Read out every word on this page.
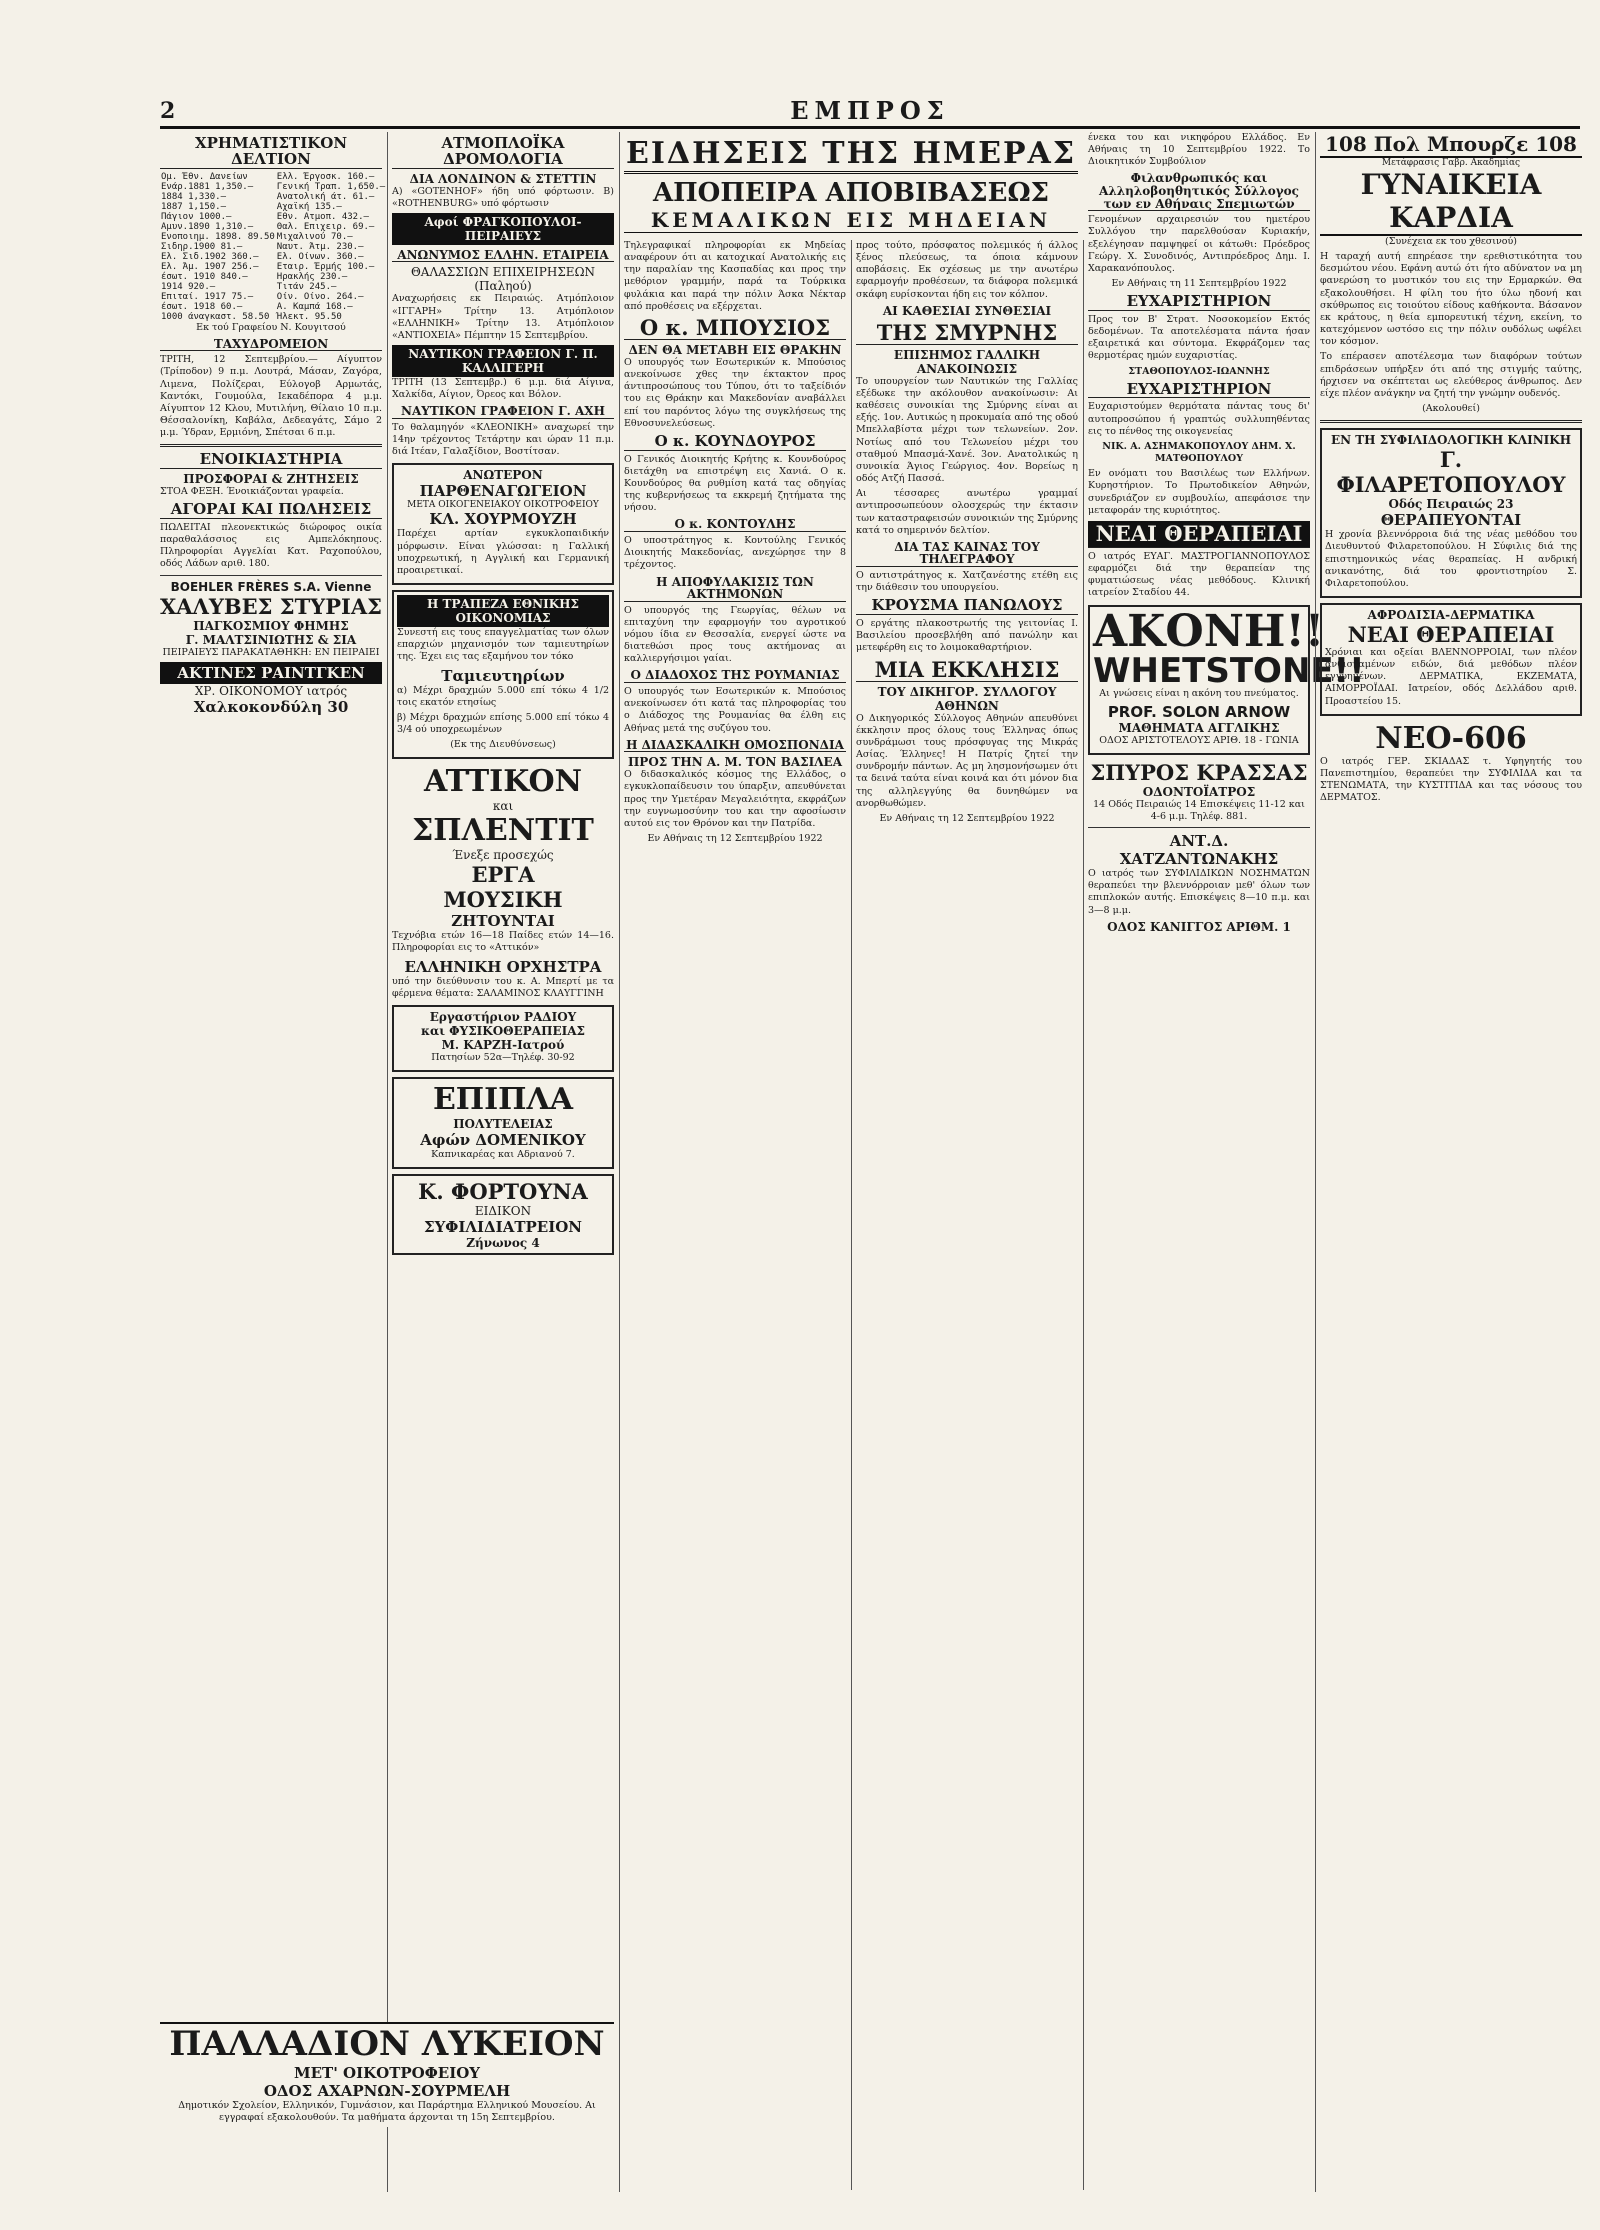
2	ΕΜΠΡΟΣ
ΧΡΗΜΑΤΙΣΤΙΚΟΝ ΔΕΛΤΙΟΝ
Ομ. Έθν. Δανείων	Ελλ. Έργοσκ. 160.—
Ενάρ.1881 1,350.—	Γενική Τραπ. 1,650.—
1884 1,330.—	Ανατολική άτ. 61.—
1887 1,150.—	Αχαϊκή 135.—
Πάγιον 1000.—	Εθν. Ατμοπ. 432.—
Αμυν.1890 1,310.—	Θαλ. Επιχειρ. 69.—
Ενοποιημ. 1898. 89.50	Μιχαλινού 70.—
Σιδηρ.1900 81.—	Ναυτ. Άτμ. 230.—
Ελ. Σιδ.1902 360.—	Ελ. Οίνων. 360.—
Ελ. Άμ. 1907 256.—	Εταιρ. Έρμής 100.—
έσωτ. 1910 840.—	Ηρακλής 230.—
1914 920.—	Τιτάν 245.—
Επιταί. 1917 75.—	Οίν. Οίνο. 264.—
έσωτ. 1918 60.—	Α. Καμπά 168.—
1000 άναγκαστ. 58.50	Ήλεκτ. 95.50
Εκ τού Γραφείου Ν. Κουγιτσού
ΤΑΧΥΔΡΟΜΕΙΟΝ

ΤΡΙΤΗ, 12 Σεπτεμβρίου.— Αίγυπτον (Τρίποδον) 9 π.μ. Λουτρά, Μάσαν, Ζαγόρα, Λιμενα, Πολίζεραι, Εύλογοβ Αρμωτάς, Καντόκι, Γουμούλα, Ιεκαδέπορα 4 μ.μ. Αίγυπτον 12 Κλου, Μυτιλήνη, Θίλαιο 10 π.μ. Θέσσαλονίκη, Καβάλα, Δεδεαγάτς, Σάμο 2 μ.μ. Ύδραν, Ερμιόνη, Σπέτσαι 6 π.μ.

ΕΝΟΙΚΙΑΣΤΗΡΙΑ
ΠΡΟΣΦΟΡΑΙ & ΖΗΤΗΣΕΙΣ

ΣΤΟΑ ΦΕΞΗ. Ένοικιάζονται γραφεία.

ΑΓΟΡΑΙ ΚΑΙ ΠΩΛΗΣΕΙΣ

ΠΩΛΕΙΤΑΙ πλεονεκτικώς διώροφος οικία παραθαλάσσιος εις Αμπελόκηπους. Πληροφορίαι Αγγελίαι Κατ. Ραχοπούλου, οδός Λάδων αριθ. 180.

BOEHLER FRÈRES S.A. Vienne
ΧΑΛΥΒΕΣ ΣΤΥΡΙΑΣ
ΠΑΓΚΟΣΜΙΟΥ ΦΗΜΗΣ
Γ. ΜΑΛΤΣΙΝΙΩΤΗΣ & ΣΙΑ
ΠΕΙΡΑΙΕΥΣ ΠΑΡΑΚΑΤΑΘΗΚΗ: ΕΝ ΠΕΙΡΑΙΕΙ
ΑΚΤΙΝΕΣ ΡΑΙΝΤΓΚΕΝ
ΧΡ. ΟΙΚΟΝΟΜΟΥ ιατρός
Χαλκοκονδύλη 30
ΑΤΜΟΠΛΟΪΚΑ ΔΡΟΜΟΛΟΓΙΑ
ΔΙΑ ΛΟΝΔΙΝΟΝ & ΣΤΕΤΤΙΝ

Α) «GOTENHOF» ήδη υπό φόρτωσιν. Β) «ROTHENBURG» υπό φόρτωσιν

Αφοί ΦΡΑΓΚΟΠΟΥΛΟΙ-ΠΕΙΡΑΙΕΥΣ
ΑΝΩΝΥΜΟΣ ΕΛΛΗΝ. ΕΤΑΙΡΕΙΑ
ΘΑΛΑΣΣΙΩΝ ΕΠΙΧΕΙΡΗΣΕΩΝ (Παληού)

Αναχωρήσεις εκ Πειραιώς. Ατμόπλοιον «ΙΓΓΑΡΗ» Τρίτην 13. Ατμόπλοιον «ΕΛΛΗΝΙΚΗ» Τρίτην 13. Ατμόπλοιον «ΑΝΤΙΟΧΕΙΑ» Πέμπτην 15 Σεπτεμβρίου.

ΝΑΥΤΙΚΟΝ ΓΡΑΦΕΙΟΝ Γ. Π. ΚΑΛΛΙΓΕΡΗ

ΤΡΙΤΗ (13 Σεπτεμβρ.) 6 μ.μ. διά Αίγινα, Χαλκίδα, Αίγιον, Όρεος και Βόλον.

ΝΑΥΤΙΚΟΝ ΓΡΑΦΕΙΟΝ Γ. ΑΧΗ

Το θαλαμηγόν «ΚΛΕΟΝΙΚΗ» αναχωρεί την 14ην τρέχοντος Τετάρτην και ώραν 11 π.μ. διά Ιτέαν, Γαλαξίδιον, Βοστίτσαν.

ΑΝΩΤΕΡΟΝ
ΠΑΡΘΕΝΑΓΩΓΕΙΟΝ
ΜΕΤΑ ΟΙΚΟΓΕΝΕΙΑΚΟΥ ΟΙΚΟΤΡΟΦΕΙΟΥ
ΚΛ. ΧΟΥΡΜΟΥΖΗ

Παρέχει αρτίαν εγκυκλοπαιδικήν μόρφωσιν. Είναι γλώσσαι: η Γαλλική υποχρεωτική, η Αγγλική και Γερμανική προαιρετικαί.

Η ΤΡΑΠΕΖΑ ΕΘΝΙΚΗΣ ΟΙΚΟΝΟΜΙΑΣ

Συνεστή εις τους επαγγελματίας των όλων επαρχιών μηχανισμόν των ταμιευτηρίων της. Έχει εις τας εξαμήνου τον τόκο

Ταμιευτηρίων

α) Μέχρι δραχμών 5.000 επί τόκω 4 1/2 τοις εκατόν ετησίως

β) Μέχρι δραχμών επίσης 5.000 επί τόκω 4 3/4 ού υποχρεωμένων

(Εκ της Διευθύνσεως)
ATTIKON
και
ΣΠΛΕΝΤΙΤ
Ένεξε προσεχώς
ΕΡΓΑ
ΜΟΥΣΙΚΗ
ΖΗΤΟΥΝΤΑΙ

Τεχνόβια ετών 16—18 Παίδες ετών 14—16. Πληροφορίαι εις το «Αττικόν»

ΕΛΛΗΝΙΚΗ ΟΡΧΗΣΤΡΑ

υπό την διεύθυνσιν του κ. Α. Μπερτί με τα φέρμενα θέματα: ΣΑΛΑΜΙΝΟΣ ΚΛΑΥΓΓΙΝΗ

Εργαστήριον ΡΑΔΙΟΥ
και ΦΥΣΙΚΟΘΕΡΑΠΕΙΑΣ
Μ. ΚΑΡΖΗ-Ιατρού
Πατησίων 52α—Τηλέφ. 30-92
ΕΠΙΠΛΑ
ΠΟΛΥΤΕΛΕΙΑΣ
Αφών ΔΟΜΕΝΙΚΟΥ
Καπνικαρέας και Αδριανού 7.
Κ. ΦΟΡΤΟΥΝΑ
ΕΙΔΙΚΟΝ
ΣΥΦΙΛΙΔΙΑΤΡΕΙΟΝ
Ζήνωνος 4
ΠΑΛΛΑΔΙΟΝ ΛΥΚΕΙΟΝ
ΜΕΤ' ΟΙΚΟΤΡΟΦΕΙΟΥ
ΟΔΟΣ ΑΧΑΡΝΩΝ-ΣΟΥΡΜΕΛΗ

Δημοτικόν Σχολείον, Ελληνικόν, Γυμνάσιον, και Παράρτημα Ελληνικού Μουσείου. Αι εγγραφαί εξακολουθούν. Τα μαθήματα άρχονται τη 15η Σεπτεμβρίου.

ΕΙΔΗΣΕΙΣ ΤΗΣ ΗΜΕΡΑΣ
ΑΠΟΠΕΙΡΑ ΑΠΟΒΙΒΑΣΕΩΣ
ΚΕΜΑΛΙΚΩΝ ΕΙΣ ΜΗΔΕΙΑΝ

Τηλεγραφικαί πληροφορίαι εκ Μηδείας αναφέρουν ότι αι κατοχικαί Ανατολικής εις την παραλίαν της Κασπαδίας και προς την μεθόριον γραμμήν, παρά τα Τούρκικα φυλάκια και παρά την πόλιν Άσκα Νέκταρ από προθέσεις να εξέρχεται.

Ο κ. ΜΠΟΥΣΙΟΣ
ΔΕΝ ΘΑ ΜΕΤΑΒΗ ΕΙΣ ΘΡΑΚΗΝ

Ο υπουργός των Εσωτερικών κ. Μπούσιος ανεκοίνωσε χθες την έκτακτον προς άντιπροσώπους του Τύπου, ότι το ταξείδιόν του εις Θράκην και Μακεδονίαν αναβάλλει επί του παρόντος λόγω της συγκλήσεως της Εθνοσυνελεύσεως.

Ο κ. ΚΟΥΝΔΟΥΡΟΣ

Ο Γενικός Διοικητής Κρήτης κ. Κουνδούρος διετάχθη να επιστρέψη εις Χανιά. Ο κ. Κουνδούρος θα ρυθμίση κατά τας οδηγίας της κυβερνήσεως τα εκκρεμή ζητήματα της νήσου.

Ο κ. ΚΟΝΤΟΥΛΗΣ

Ο υποστράτηγος κ. Κοντούλης Γενικός Διοικητής Μακεδονίας, ανεχώρησε την 8 τρέχοντος.

Η ΑΠΟΦΥΛΑΚΙΣΙΣ ΤΩΝ ΑΚΤΗΜΟΝΩΝ

Ο υπουργός της Γεωργίας, θέλων να επιταχύνη την εφαρμογήν του αγροτικού νόμου ίδια εν Θεσσαλία, ενεργεί ώστε να διατεθώσι προς τους ακτήμονας αι καλλιεργήσιμοι γαίαι.

Ο ΔΙΑΔΟΧΟΣ ΤΗΣ ΡΟΥΜΑΝΙΑΣ

Ο υπουργός των Εσωτερικών κ. Μπούσιος ανεκοίνωσεν ότι κατά τας πληροφορίας του ο Διάδοχος της Ρουμανίας θα έλθη εις Αθήνας μετά της συζύγου του.

Η ΔΙΔΑΣΚΑΛΙΚΗ ΟΜΟΣΠΟΝΔΙΑ
ΠΡΟΣ ΤΗΝ Α. Μ. ΤΟΝ ΒΑΣΙΛΕΑ

Ο διδασκαλικός κόσμος της Ελλάδος, ο εγκυκλοπαίδευσιν του ύπαρξιν, απευθύνεται προς την Υμετέραν Μεγαλειότητα, εκφράζων την ευγνωμοσύνην του και την αφοσίωσιν αυτού εις τον Θρόνον και την Πατρίδα.

Εν Αθήναις τη 12 Σεπτεμβρίου 1922

προς τούτο, πρόσφατος πολεμικός ή άλλος ξένος πλεύσεως, τα όποια κάμνουν αποβάσεις. Εκ σχέσεως με την ανωτέρω εφαρμογήν προθέσεων, τα διάφορα πολεμικά σκάφη ευρίσκονται ήδη εις τον κόλπον.

ΑΙ ΚΑΘΕΣΙΑΙ ΣΥΝΘΕΣΙΑΙ
ΤΗΣ ΣΜΥΡΝΗΣ
ΕΠΙΣΗΜΟΣ ΓΑΛΛΙΚΗ ΑΝΑΚΟΙΝΩΣΙΣ

Το υπουργείον των Ναυτικών της Γαλλίας εξέδωκε την ακόλουθον ανακοίνωσιν: Αι καθέσεις συνοικίαι της Σμύρνης είναι αι εξής. 1ον. Αυτικώς η προκυμαία από της οδού Μπελλαβίστα μέχρι των τελωνείων. 2ον. Νοτίως από του Τελωνείου μέχρι του σταθμού Μπασμά-Χανέ. 3ον. Ανατολικώς η συνοικία Άγιος Γεώργιος. 4ον. Βορείως η οδός Ατζή Πασσά.

Αι τέσσαρες ανωτέρω γραμμαί αντιπροσωπεύουν ολοσχερώς την έκτασιν των καταστραφεισών συνοικιών της Σμύρνης κατά το σημερινόν δελτίον.

ΔΙΑ ΤΑΣ ΚΑΙΝΑΣ ΤΟΥ ΤΗΛΕΓΡΑΦΟΥ

Ο αντιστράτηγος κ. Χατζανέστης ετέθη εις την διάθεσιν του υπουργείου.

ΚΡΟΥΣΜΑ ΠΑΝΩΛΟΥΣ

Ο εργάτης πλακοστρωτής της γειτονίας Ι. Βασιλείου προσεβλήθη από πανώλην και μετεφέρθη εις το λοιμοκαθαρτήριον.

ΜΙΑ ΕΚΚΛΗΣΙΣ
ΤΟΥ ΔΙΚΗΓΟΡ. ΣΥΛΛΟΓΟΥ ΑΘΗΝΩΝ

Ο Δικηγορικός Σύλλογος Αθηνών απευθύνει έκκλησιν προς όλους τους Έλληνας όπως συνδράμωσι τους πρόσφυγας της Μικράς Ασίας. Έλληνες! Η Πατρίς ζητεί την συνδρομήν πάντων. Ας μη λησμονήσωμεν ότι τα δεινά ταύτα είναι κοινά και ότι μόνον δια της αλληλεγγύης θα δυνηθώμεν να ανορθωθώμεν.

Εν Αθήναις τη 12 Σεπτεμβρίου 1922

ένεκα του και νικηφόρου Ελλάδος. Εν Αθήναις τη 10 Σεπτεμβρίου 1922. Το Διοικητικόν Συμβούλιον

Φιλανθρωπικός και Αλληλοβοηθητικός Σύλλογος των εν Αθήναις Σπεμιωτών

Γενομένων αρχαιρεσιών του ημετέρου Συλλόγου την παρελθούσαν Κυριακήν, εξελέγησαν παμψηφεί οι κάτωθι: Πρόεδρος Γεώργ. Χ. Συνοδινός, Αντιπρόεδρος Δημ. Ι. Χαρακανόπουλος.

Εν Αθήναις τη 11 Σεπτεμβρίου 1922
ΕΥΧΑΡΙΣΤΗΡΙΟΝ

Προς τον Β' Στρατ. Νοσοκομείον Εκτός δεδομένων. Τα αποτελέσματα πάντα ήσαν εξαιρετικά και σύντομα. Εκφράζομεν τας θερμοτέρας ημών ευχαριστίας.

ΣΤΑΘΟΠΟΥΛΟΣ-ΙΩΑΝΝΗΣ
ΕΥΧΑΡΙΣΤΗΡΙΟΝ

Ευχαριστούμεν θερμότατα πάντας τους δι' αυτοπροσώπου ή γραπτώς συλλυπηθέντας εις το πένθος της οικογενείας

ΝΙΚ. Α. ΑΣΗΜΑΚΟΠΟΥΛΟΥ ΔΗΜ. Χ. ΜΑΤΘΟΠΟΥΛΟΥ

Εν ονόματι του Βασιλέως των Ελλήνων. Κυρηστήριον. Το Πρωτοδικείον Αθηνών, συνεδριάζον εν συμβουλίω, απεφάσισε την μεταφοράν της κυριότητος.

ΝΕΑΙ ΘΕΡΑΠΕΙΑΙ

Ο ιατρός ΕΥΑΓ. ΜΑΣΤΡΟΓΙΑΝΝΟΠΟΥΛΟΣ εφαρμόζει διά την θεραπείαν της φυματιώσεως νέας μεθόδους. Κλινική ιατρείον Σταδίου 44.

ΑΚΟΝΗ!!
WHETSTONE!!
Αι γνώσεις είναι η ακόνη του πνεύματος.
PROF. SOLON ARNOW
ΜΑΘΗΜΑΤΑ ΑΓΓΛΙΚΗΣ
ΟΔΟΣ ΑΡΙΣΤΟΤΕΛΟΥΣ ΑΡΙΘ. 18 - ΓΩΝΙΑ
ΣΠΥΡΟΣ ΚΡΑΣΣΑΣ
ΟΔΟΝΤΟΪΑΤΡΟΣ
14 Οδός Πειραιώς 14 Επισκέψεις 11-12 και 4-6 μ.μ. Τηλέφ. 881.
ΑΝΤ.Δ. ΧΑΤΖΑΝΤΩΝΑΚΗΣ

Ο ιατρός των ΣΥΦΙΛΙΔΙΚΩΝ ΝΟΣΗΜΑΤΩΝ θεραπεύει την βλεννόρροιαν μεθ' όλων των επιπλοκών αυτής. Επισκέψεις 8—10 π.μ. και 3—8 μ.μ.

ΟΔΟΣ ΚΑΝΙΓΓΟΣ ΑΡΙΘΜ. 1
108 Πολ Μπουρζε 108
Μετάφρασις Γαβρ. Ακαδημίας
ΓΥΝΑΙΚΕΙΑ ΚΑΡΔΙΑ
(Συνέχεια εκ του χθεσινού)

Η ταραχή αυτή επηρέασε την ερεθιστικότητα του δεσμώτου νέου. Εφάνη αυτώ ότι ήτο αδύνατον να μη φανερώση το μυστικόν του εις την Ερμαρκών. Θα εξακολουθήσει. Η φίλη του ήτο ύλω ηδονή και σκύθρωπος εις τοιούτου είδους καθήκοντα. Βάσανον εκ κράτους, η θεία εμπορευτική τέχνη, εκείνη, το κατεχόμενον ωστόσο εις την πόλιν ουδόλως ωφέλει τον κόσμον.

Το επέρασεν αποτέλεσμα των διαφόρων τούτων επιδράσεων υπήρξεν ότι από της στιγμής ταύτης, ήρχισεν να σκέπτεται ως ελεύθερος άνθρωπος. Δεν είχε πλέον ανάγκην να ζητή την γνώμην ουδενός.

(Ακολουθεί)
ΕΝ ΤΗ ΣΥΦΙΛΙΔΟΛΟΓΙΚΗ ΚΛΙΝΙΚΗ
Γ. ΦΙΛΑΡΕΤΟΠΟΥΛΟΥ
Οδός Πειραιώς 23
ΘΕΡΑΠΕΥΟΝΤΑΙ

Η χρονία βλεννόρροια διά της νέας μεθόδου του Διευθυντού Φιλαρετοπούλου. Η Σύφιλις διά της επιστημονικώς νέας θεραπείας. Η ανδρική ανικανότης, διά του φροντιστηρίου Σ. Φιλαρετοπούλου.

ΑΦΡΟΔΙΣΙΑ-ΔΕΡΜΑΤΙΚΑ
ΝΕΑΙ ΘΕΡΑΠΕΙΑΙ

Χρόνιαι και οξείαι ΒΛΕΝΝΟΡΡΟΙΑΙ, των πλέον ανθισταμένων ειδών, διά μεθόδων πλέον εγγυημένων. ΔΕΡΜΑΤΙΚΑ, ΕΚΖΕΜΑΤΑ, ΑΙΜΟΡΡΟΪΔΑΙ. Ιατρείον, οδός Δελλάδου αριθ. Προαστείου 15.

ΝΕΟ-606

Ο ιατρός ΓΕΡ. ΣΚΙΑΔΑΣ τ. Υφηγητής του Πανεπιστημίου, θεραπεύει την ΣΥΦΙΛΙΔΑ και τα ΣΤΕΝΩΜΑΤΑ, την ΚΥΣΤΙΤΙΔΑ και τας νόσους του ΔΕΡΜΑΤΟΣ.
